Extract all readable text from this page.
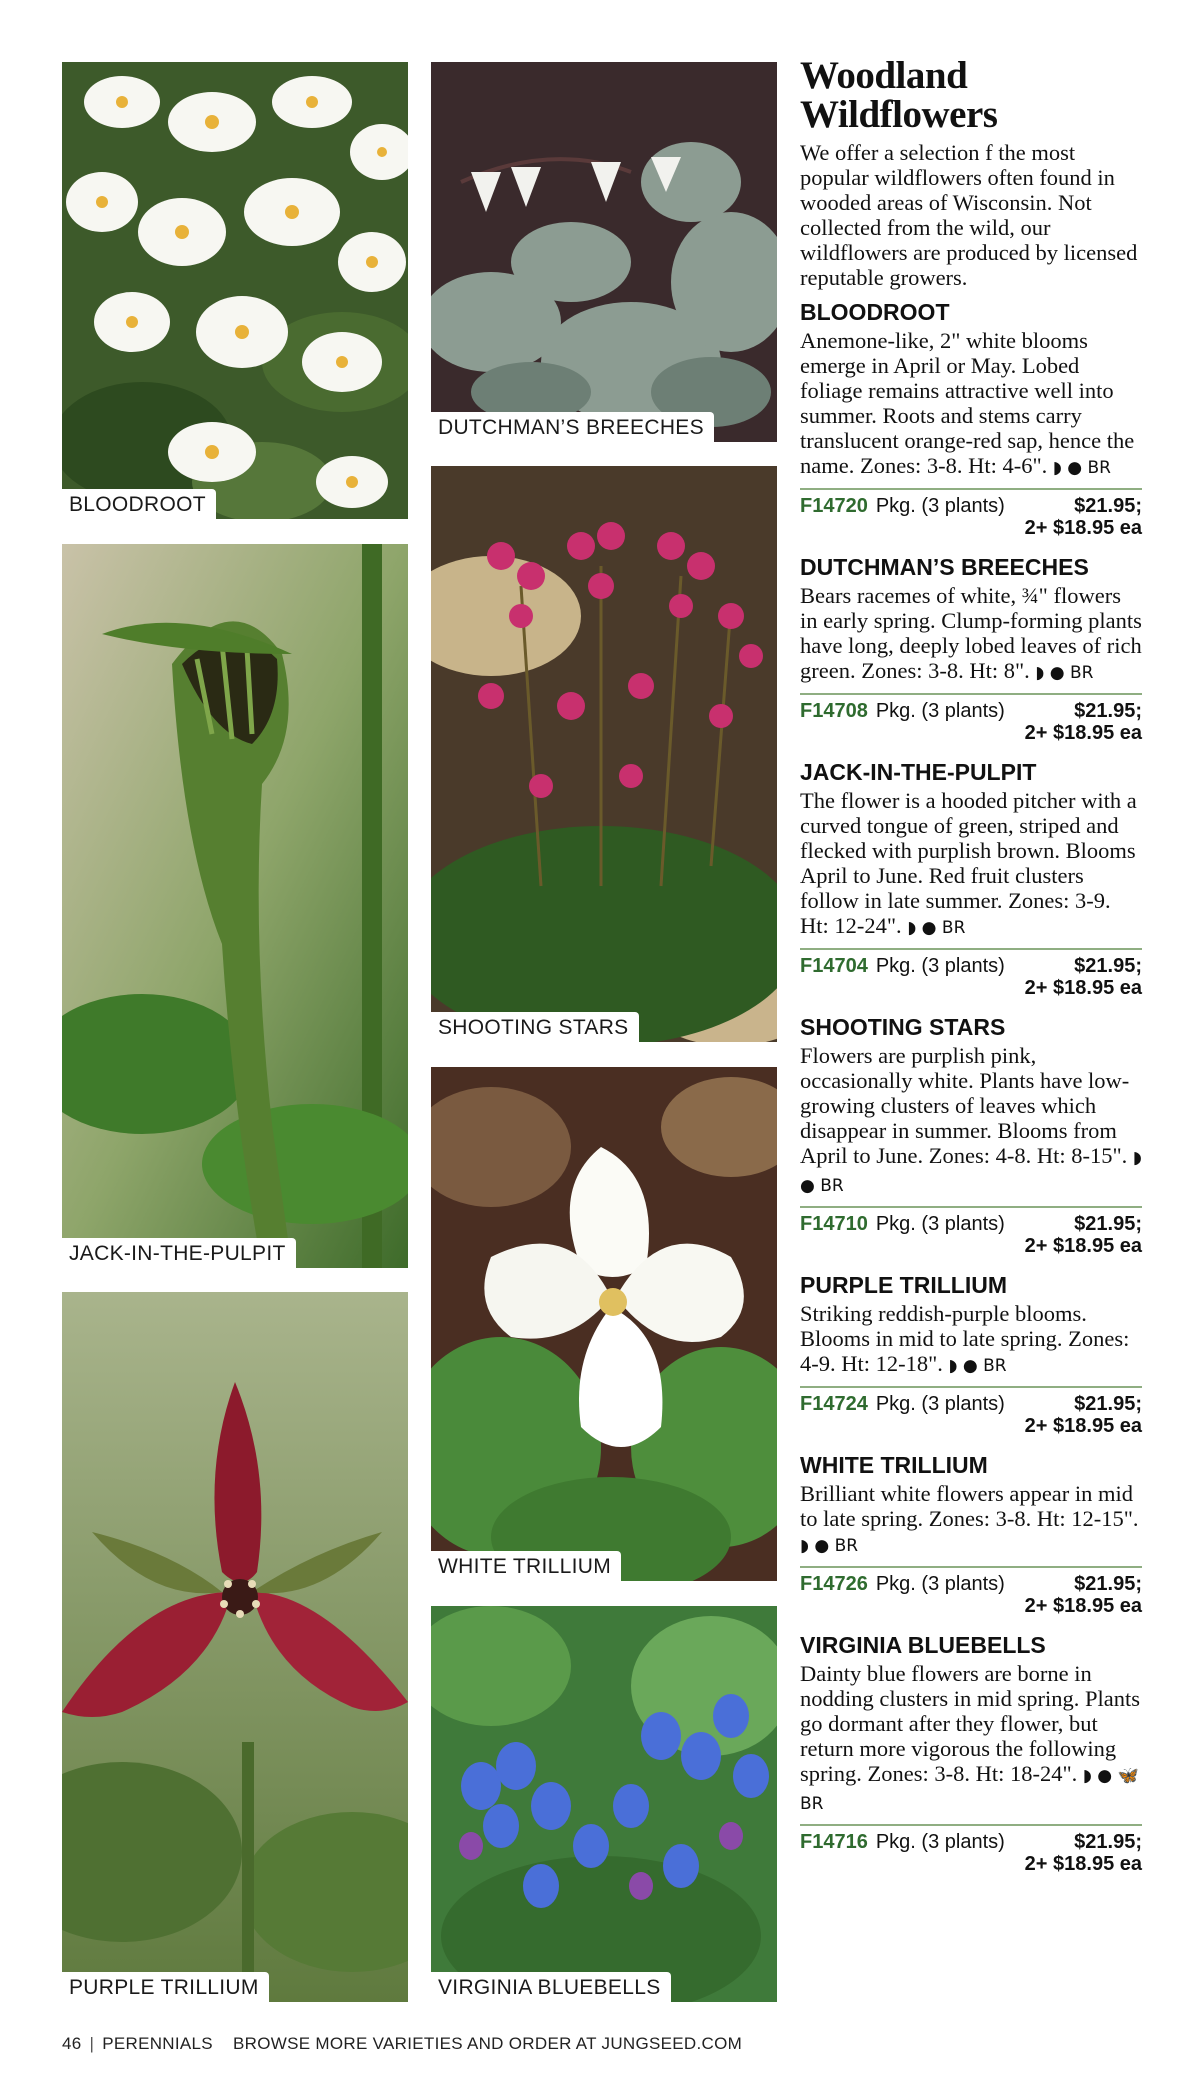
BLOODROOT
JACK-IN-THE-PULPIT
PURPLE TRILLIUM
DUTCHMAN’S BREECHES
SHOOTING STARS
WHITE TRILLIUM
VIRGINIA BLUEBELLS
Woodland
Wildflowers

We offer a selection f the most popular wildflowers often found in wooded areas of Wisconsin. Not collected from the wild, our wildflowers are produced by licensed reputable growers.

BLOODROOT

Anemone-like, 2" white blooms emerge in April or May. Lobed foliage remains attractive well into summer. Roots and stems carry translucent orange-red sap, hence the name. Zones: 3-8. Ht: 4-6". ◗ ● BR

F14720 Pkg. (3 plants)	$21.95;
2+ $18.95 ea
DUTCHMAN’S BREECHES

Bears racemes of white, ¾" flowers in early spring. Clump-forming plants have long, deeply lobed leaves of rich green. Zones: 3-8. Ht: 8". ◗ ● BR

F14708 Pkg. (3 plants)	$21.95;
2+ $18.95 ea
JACK-IN-THE-PULPIT

The flower is a hooded pitcher with a curved tongue of green, striped and flecked with purplish brown. Blooms April to June. Red fruit clusters follow in late summer. Zones: 3-9. Ht: 12-24". ◗ ● BR

F14704 Pkg. (3 plants)	$21.95;
2+ $18.95 ea
SHOOTING STARS

Flowers are purplish pink, occasionally white. Plants have low-growing clusters of leaves which disappear in summer. Blooms from April to June. Zones: 4-8. Ht: 8-15". ◗ ● BR

F14710 Pkg. (3 plants)	$21.95;
2+ $18.95 ea
PURPLE TRILLIUM

Striking reddish-purple blooms. Blooms in mid to late spring. Zones: 4-9. Ht: 12-18". ◗ ● BR

F14724 Pkg. (3 plants)	$21.95;
2+ $18.95 ea
WHITE TRILLIUM

Brilliant white flowers appear in mid to late spring. Zones: 3-8. Ht: 12-15". ◗ ● BR

F14726 Pkg. (3 plants)	$21.95;
2+ $18.95 ea
VIRGINIA BLUEBELLS

Dainty blue flowers are borne in nodding clusters in mid spring. Plants go dormant after they flower, but return more vigorous the following spring. Zones: 3-8. Ht: 18-24". ◗ ● 🦋 BR

F14716 Pkg. (3 plants)	$21.95;
2+ $18.95 ea
46 | PERENNIALS BROWSE MORE VARIETIES AND ORDER AT JUNGSEED.COM
